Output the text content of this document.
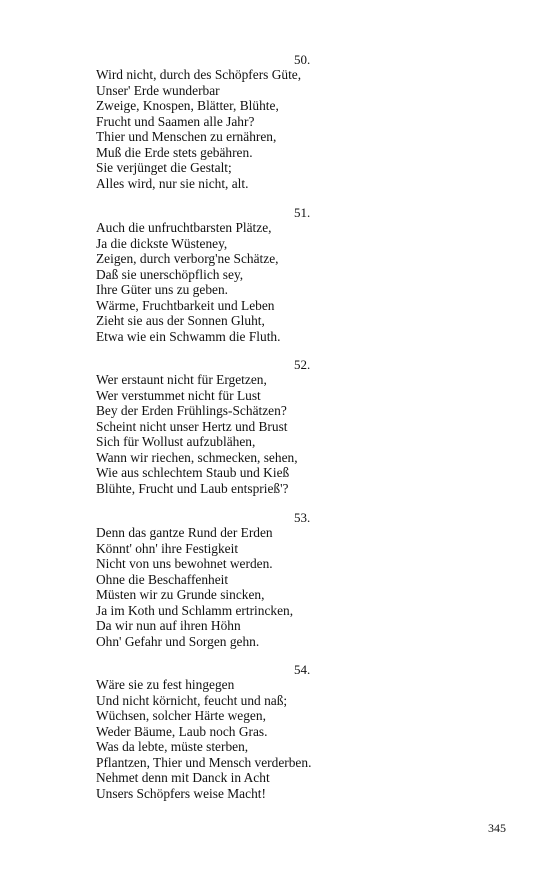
50.
Wird nicht, durch des Schöpfers Güte,
Unser' Erde wunderbar
Zweige, Knospen, Blätter, Blühte,
Frucht und Saamen alle Jahr?
Thier und Menschen zu ernähren,
Muß die Erde stets gebähren.
Sie verjünget die Gestalt;
Alles wird, nur sie nicht, alt.
51.
Auch die unfruchtbarsten Plätze,
Ja die dickste Wüsteney,
Zeigen, durch verborg'ne Schätze,
Daß sie unerschöpflich sey,
Ihre Güter uns zu geben.
Wärme, Fruchtbarkeit und Leben
Zieht sie aus der Sonnen Gluht,
Etwa wie ein Schwamm die Fluth.
52.
Wer erstaunt nicht für Ergetzen,
Wer verstummet nicht für Lust
Bey der Erden Frühlings-Schätzen?
Scheint nicht unser Hertz und Brust
Sich für Wollust aufzublähen,
Wann wir riechen, schmecken, sehen,
Wie aus schlechtem Staub und Kieß
Blühte, Frucht und Laub entsprieß'?
53.
Denn das gantze Rund der Erden
Könnt' ohn' ihre Festigkeit
Nicht von uns bewohnet werden.
Ohne die Beschaffenheit
Müsten wir zu Grunde sincken,
Ja im Koth und Schlamm ertrincken,
Da wir nun auf ihren Höhn
Ohn' Gefahr und Sorgen gehn.
54.
Wäre sie zu fest hingegen
Und nicht körnicht, feucht und naß;
Wüchsen, solcher Härte wegen,
Weder Bäume, Laub noch Gras.
Was da lebte, müste sterben,
Pflantzen, Thier und Mensch verderben.
Nehmet denn mit Danck in Acht
Unsers Schöpfers weise Macht!
345
